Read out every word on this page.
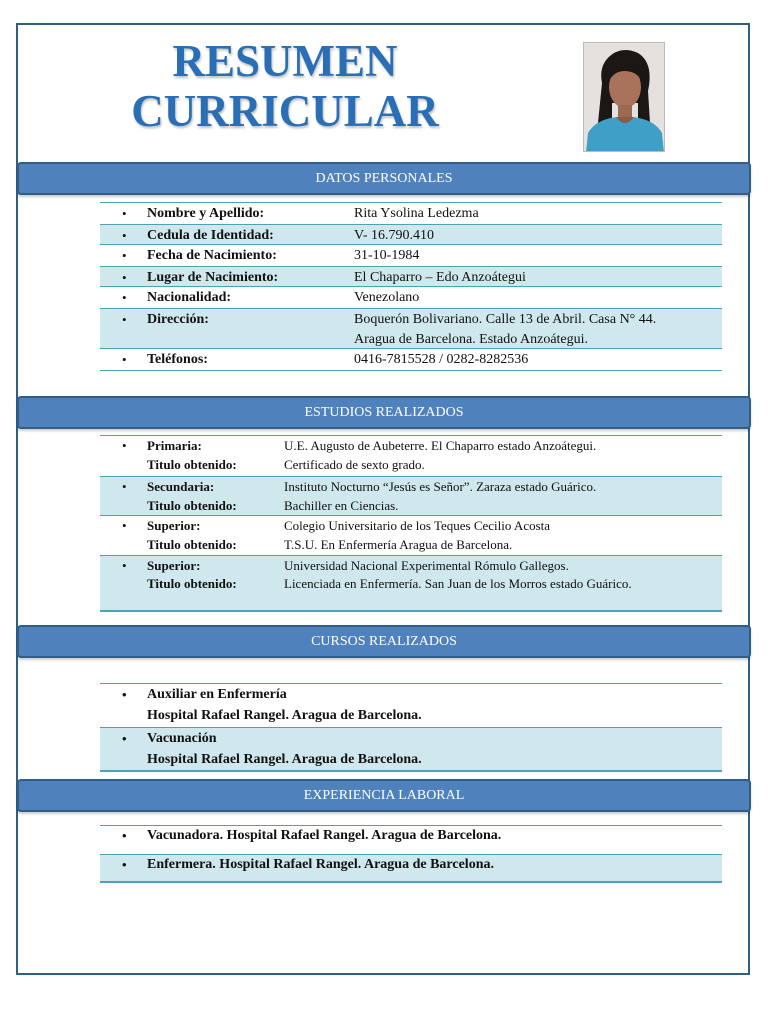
RESUMEN
CURRICULAR
DATOS PERSONALES
• Nombre y Apellido:	Rita Ysolina Ledezma
• Cedula de Identidad:	V- 16.790.410
• Fecha de Nacimiento:	31-10-1984
• Lugar de Nacimiento:	El Chaparro – Edo Anzoátegui
• Nacionalidad:	Venezolano
• Dirección:	Boquerón Bolivariano. Calle 13 de Abril. Casa N° 44.
Aragua de Barcelona. Estado Anzoátegui.
• Teléfonos:	0416-7815528 / 0282-8282536
ESTUDIOS REALIZADOS
• Primaria:	U.E. Augusto de Aubeterre. El Chaparro estado Anzoátegui.
Titulo obtenido:	Certificado de sexto grado.
• Secundaria:	Instituto Nocturno “Jesús es Señor”. Zaraza estado Guárico.
Titulo obtenido:	Bachiller en Ciencias.
• Superior:	Colegio Universitario de los Teques Cecilio Acosta
Titulo obtenido:	T.S.U. En Enfermería Aragua de Barcelona.
• Superior:	Universidad Nacional Experimental Rómulo Gallegos.
Titulo obtenido:	Licenciada en Enfermería. San Juan de los Morros estado Guárico.
CURSOS REALIZADOS
• Auxiliar en Enfermería
Hospital Rafael Rangel. Aragua de Barcelona.
• Vacunación
Hospital Rafael Rangel. Aragua de Barcelona.
EXPERIENCIA LABORAL
• Vacunadora. Hospital Rafael Rangel. Aragua de Barcelona.
• Enfermera. Hospital Rafael Rangel. Aragua de Barcelona.
